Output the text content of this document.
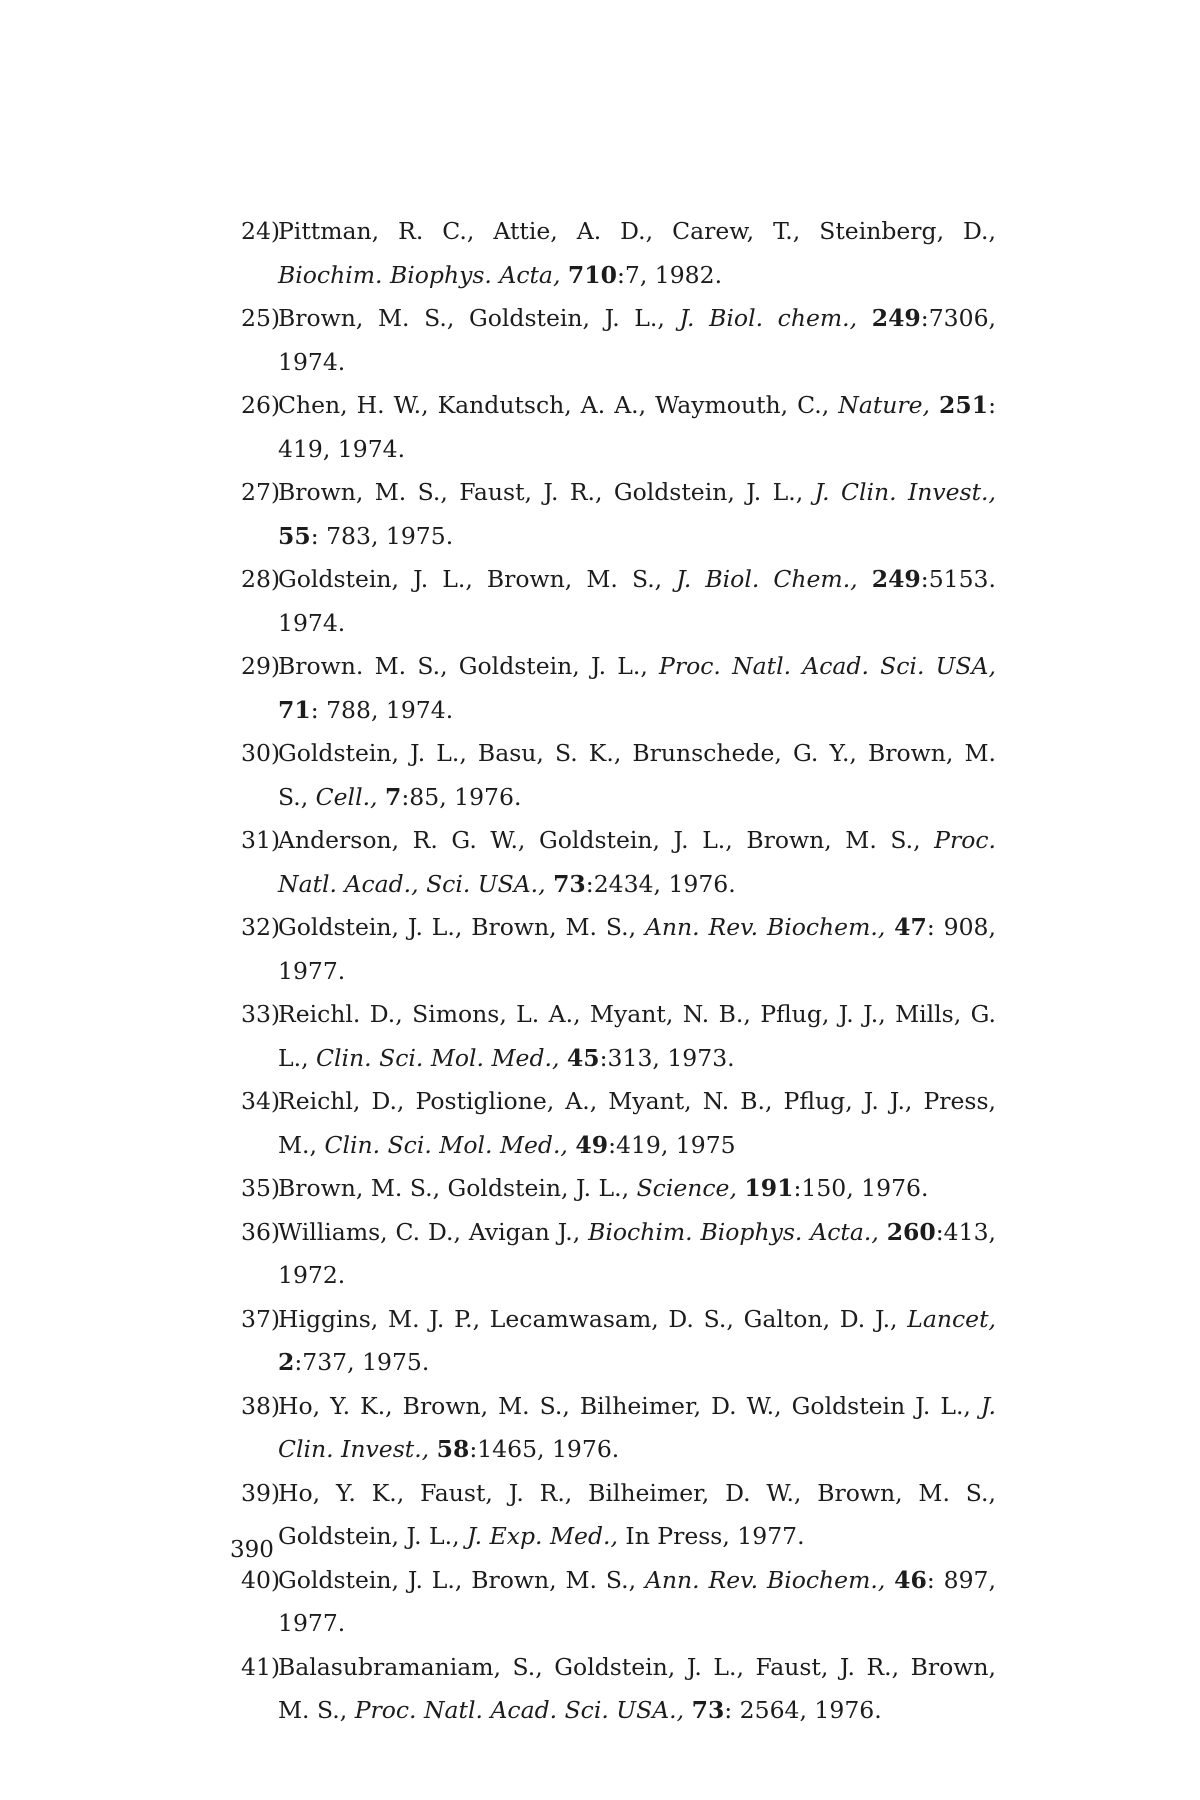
24)
Pittman, R. C., Attie, A. D., Carew, T., Steinberg, D., Biochim. Biophys. Acta, 710:7, 1982.
25)
Brown, M. S., Goldstein, J. L., J. Biol. chem., 249:7306, 1974.
26)
Chen, H. W., Kandutsch, A. A., Waymouth, C., Nature, 251: 419, 1974.
27)
Brown, M. S., Faust, J. R., Goldstein, J. L., J. Clin. Invest., 55: 783, 1975.
28)
Goldstein, J. L., Brown, M. S., J. Biol. Chem., 249:5153. 1974.
29)
Brown. M. S., Goldstein, J. L., Proc. Natl. Acad. Sci. USA, 71: 788, 1974.
30)
Goldstein, J. L., Basu, S. K., Brunschede, G. Y., Brown, M. S., Cell., 7:85, 1976.
31)
Anderson, R. G. W., Goldstein, J. L., Brown, M. S., Proc. Natl. Acad., Sci. USA., 73:2434, 1976.
32)
Goldstein, J. L., Brown, M. S., Ann. Rev. Biochem., 47: 908, 1977.
33)
Reichl. D., Simons, L. A., Myant, N. B., Pflug, J. J., Mills, G. L., Clin. Sci. Mol. Med., 45:313, 1973.
34)
Reichl, D., Postiglione, A., Myant, N. B., Pflug, J. J., Press, M., Clin. Sci. Mol. Med., 49:419, 1975
35)
Brown, M. S., Goldstein, J. L., Science, 191:150, 1976.
36)
Williams, C. D., Avigan J., Biochim. Biophys. Acta., 260:413, 1972.
37)
Higgins, M. J. P., Lecamwasam, D. S., Galton, D. J., Lancet, 2:737, 1975.
38)
Ho, Y. K., Brown, M. S., Bilheimer, D. W., Goldstein J. L., J. Clin. Invest., 58:1465, 1976.
39)
Ho, Y. K., Faust, J. R., Bilheimer, D. W., Brown, M. S., Goldstein, J. L., J. Exp. Med., In Press, 1977.
40)
Goldstein, J. L., Brown, M. S., Ann. Rev. Biochem., 46: 897, 1977.
41)
Balasubramaniam, S., Goldstein, J. L., Faust, J. R., Brown, M. S., Proc. Natl. Acad. Sci. USA., 73: 2564, 1976.
390
